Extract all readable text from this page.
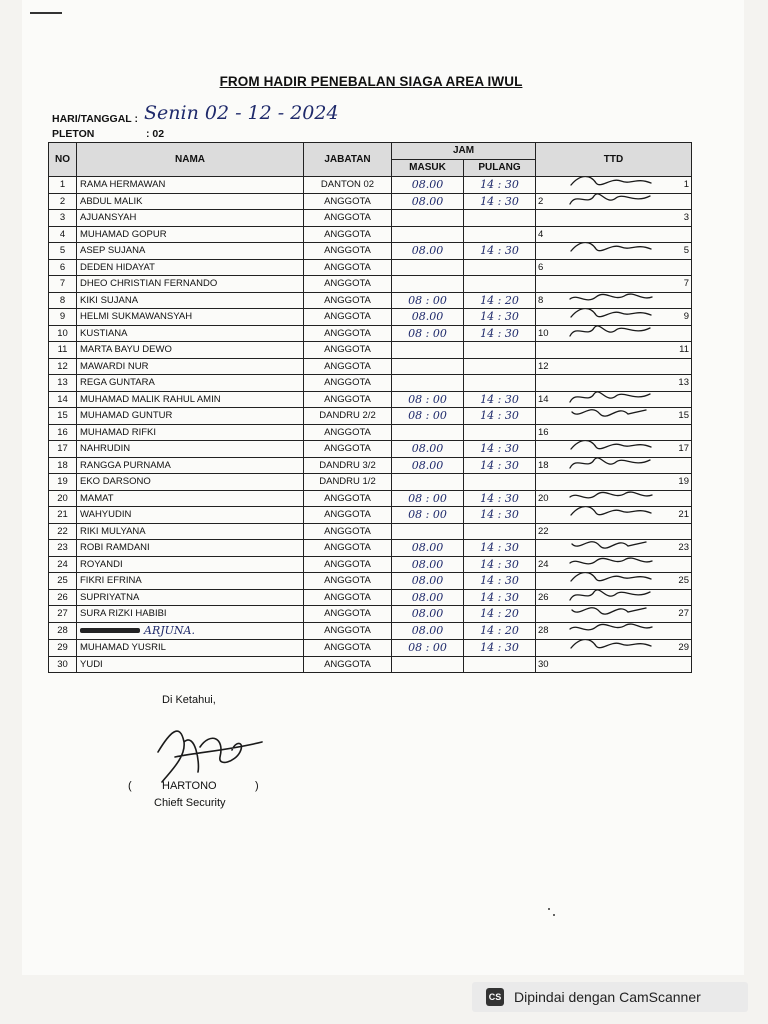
FROM HADIR PENEBALAN SIAGA AREA IWUL
HARI/TANGGAL : Senin 02 - 12 - 2024
PLETON	: 02
NO	NAMA	JABATAN	JAM		TTD
			MASUK	PULANG	
1	RAMA HERMAWAN	DANTON 02	08.00	14 : 30	1

2	ABDUL MALIK	ANGGOTA	08.00	14 : 30	2

3	AJUANSYAH	ANGGOTA			3

4	MUHAMAD GOPUR	ANGGOTA			4

5	ASEP SUJANA	ANGGOTA	08.00	14 : 30	5

6	DEDEN HIDAYAT	ANGGOTA			6

7	DHEO CHRISTIAN FERNANDO	ANGGOTA			7

8	KIKI SUJANA	ANGGOTA	08 : 00	14 : 20	8

9	HELMI SUKMAWANSYAH	ANGGOTA	08.00	14 : 30	9

10	KUSTIANA	ANGGOTA	08 : 00	14 : 30	10

11	MARTA BAYU DEWO	ANGGOTA			11

12	MAWARDI NUR	ANGGOTA			12

13	REGA GUNTARA	ANGGOTA			13

14	MUHAMAD MALIK RAHUL AMIN	ANGGOTA	08 : 00	14 : 30	14

15	MUHAMAD GUNTUR	DANDRU 2/2	08 : 00	14 : 30	15

16	MUHAMAD RIFKI	ANGGOTA			16

17	NAHRUDIN	ANGGOTA	08.00	14 : 30	17

18	RANGGA PURNAMA	DANDRU 3/2	08.00	14 : 30	18

19	EKO DARSONO	DANDRU 1/2			19

20	MAMAT	ANGGOTA	08 : 00	14 : 30	20

21	WAHYUDIN	ANGGOTA	08 : 00	14 : 30	21

22	RIKI MULYANA	ANGGOTA			22

23	ROBI RAMDANI	ANGGOTA	08.00	14 : 30	23

24	ROYANDI	ANGGOTA	08.00	14 : 30	24

25	FIKRI EFRINA	ANGGOTA	08.00	14 : 30	25

26	SUPRIYATNA	ANGGOTA	08.00	14 : 30	26

27	SURA RIZKI HABIBI	ANGGOTA	08.00	14 : 20	27

28	ARJUNA.	ANGGOTA	08.00	14 : 20	28

29	MUHAMAD YUSRIL	ANGGOTA	08 : 00	14 : 30	29

30	YUDI	ANGGOTA			30
Di Ketahui,
(	HARTONO	)
Chieft Security
CS Dipindai dengan CamScanner
